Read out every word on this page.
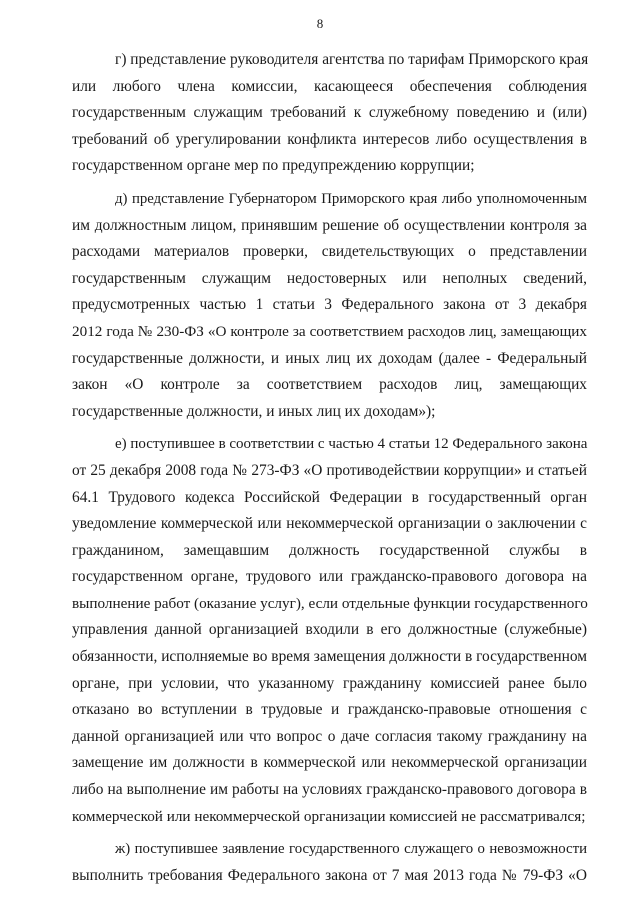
8
г) представление руководителя агентства по тарифам Приморского края
или любого члена комиссии, касающееся обеспечения соблюдения
государственным служащим требований к служебному поведению и (или)
требований об урегулировании конфликта интересов либо осуществления в
государственном органе мер по предупреждению коррупции;
д) представление Губернатором Приморского края либо уполномоченным
им должностным лицом, принявшим решение об осуществлении контроля за
расходами материалов проверки, свидетельствующих о представлении
государственным служащим недостоверных или неполных сведений,
предусмотренных частью 1 статьи 3 Федерального закона от 3 декабря
2012 года № 230-ФЗ «О контроле за соответствием расходов лиц, замещающих
государственные должности, и иных лиц их доходам (далее - Федеральный
закон «О контроле за соответствием расходов лиц, замещающих
государственные должности, и иных лиц их доходам»);
е) поступившее в соответствии с частью 4 статьи 12 Федерального закона
от 25 декабря 2008 года № 273-ФЗ «О противодействии коррупции» и статьей
64.1 Трудового кодекса Российской Федерации в государственный орган
уведомление коммерческой или некоммерческой организации о заключении с
гражданином, замещавшим должность государственной службы в
государственном органе, трудового или гражданско-правового договора на
выполнение работ (оказание услуг), если отдельные функции государственного
управления данной организацией входили в его должностные (служебные)
обязанности, исполняемые во время замещения должности в государственном
органе, при условии, что указанному гражданину комиссией ранее было
отказано во вступлении в трудовые и гражданско-правовые отношения с
данной организацией или что вопрос о даче согласия такому гражданину на
замещение им должности в коммерческой или некоммерческой организации
либо на выполнение им работы на условиях гражданско-правового договора в
коммерческой или некоммерческой организации комиссией не рассматривался;
ж) поступившее заявление государственного служащего о невозможности
выполнить требования Федерального закона от 7 мая 2013 года № 79-ФЗ «О
